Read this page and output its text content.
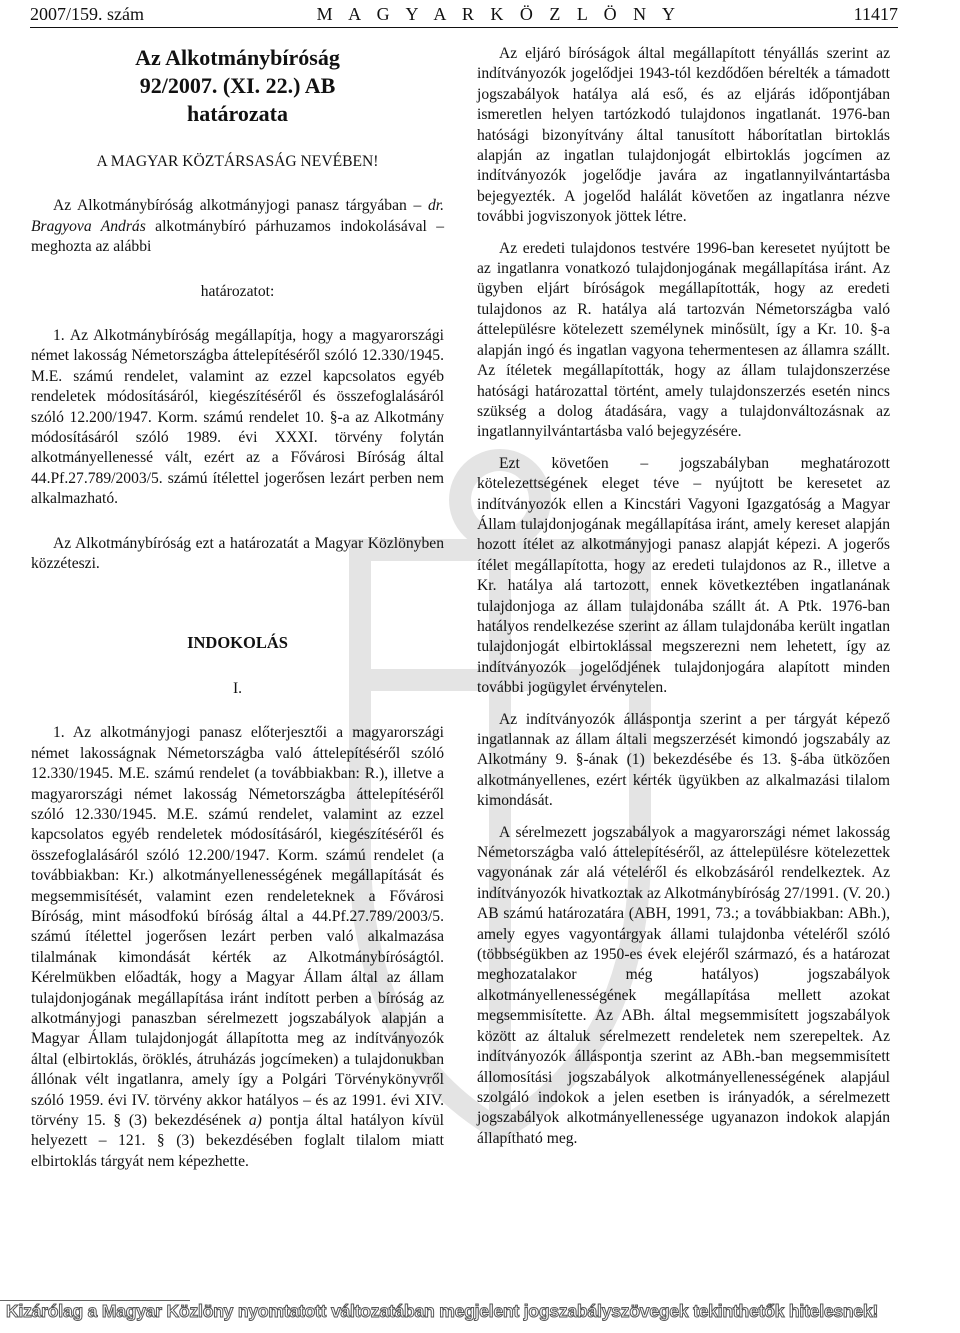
2007/159. szám	M A G Y A R K Ö Z L Ö N Y	11417

Az Alkotmánybíróság

92/2007. (XI. 22.) AB

határozata

A MAGYAR KÖZTÁRSASÁG NEVÉBEN!

Az Alkotmánybíróság alkotmányjogi panasz tárgyában – dr. Bragyova András alkotmánybíró párhuzamos indokolásával – meghozta az alábbi

határozatot:

1. Az Alkotmánybíróság megállapítja, hogy a magyarországi német lakosság Németországba áttelepítéséről szóló 12.330/1945. M.E. számú rendelet, valamint az ezzel kapcsolatos egyéb rendeletek módosításáról, kiegészítéséről és összefoglalásáról szóló 12.200/1947. Korm. számú rendelet 10. §-a az Alkotmány módosításáról szóló 1989. évi XXXI. törvény folytán alkotmányellenessé vált, ezért az a Fővárosi Bíróság által 44.Pf.27.789/2003/5. számú ítélettel jogerősen lezárt perben nem alkalmazható.

Az Alkotmánybíróság ezt a határozatát a Magyar Közlönyben közzéteszi.

INDOKOLÁS

I.

1. Az alkotmányjogi panasz előterjesztői a magyarországi német lakosságnak Németországba való áttelepítéséről szóló 12.330/1945. M.E. számú rendelet (a továbbiakban: R.), illetve a magyarországi német lakosság Németországba áttelepítéséről szóló 12.330/1945. M.E. számú rendelet, valamint az ezzel kapcsolatos egyéb rendeletek módosításáról, kiegészítéséről és összefoglalásáról szóló 12.200/1947. Korm. számú rendelet (a továbbiakban: Kr.) alkotmányellenességének megállapítását és megsemmisítését, valamint ezen rendeleteknek a Fővárosi Bíróság, mint másodfokú bíróság által a 44.Pf.27.789/2003/5. számú ítélettel jogerősen lezárt perben való alkalmazása tilalmának kimondását kérték az Alkotmánybíróságtól. Kérelmükben előadták, hogy a Magyar Állam által az állam tulajdonjogának megállapítása iránt indított perben a bíróság az alkotmányjogi panaszban sérelmezett jogszabályok alapján a Magyar Állam tulajdonjogát állapította meg az indítványozók által (elbirtoklás, öröklés, átruházás jogcímeken) a tulajdonukban állónak vélt ingatlanra, amely így a Polgári Törvénykönyvről szóló 1959. évi IV. törvény akkor hatályos – és az 1991. évi XIV. törvény 15. § (3) bekezdésének a) pontja által hatályon kívül helyezett – 121. § (3) bekezdésében foglalt tilalom miatt elbirtoklás tárgyát nem képezhette.

Az eljáró bíróságok által megállapított tényállás szerint az indítványozók jogelődjei 1943-tól kezdődően bérelték a támadott jogszabályok hatálya alá eső, és az eljárás időpontjában ismeretlen helyen tartózkodó tulajdonos ingatlanát. 1976-ban hatósági bizonyítvány által tanusított háborítatlan birtoklás alapján az ingatlan tulajdonjogát elbirtoklás jogcímen az indítványozók jogelődje javára az ingatlannyilvántartásba bejegyezték. A jogelőd halálát követően az ingatlanra nézve további jogviszonyok jöttek létre.

Az eredeti tulajdonos testvére 1996-ban keresetet nyújtott be az ingatlanra vonatkozó tulajdonjogának megállapítása iránt. Az ügyben eljárt bíróságok megállapították, hogy az eredeti tulajdonos az R. hatálya alá tartozván Németországba való áttelepülésre kötelezett személynek minősült, így a Kr. 10. §-a alapján ingó és ingatlan vagyona tehermentesen az államra szállt. Az ítéletek megállapították, hogy az állam tulajdonszerzése hatósági határozattal történt, amely tulajdonszerzés esetén nincs szükség a dolog átadására, vagy a tulajdonváltozásnak az ingatlannyilvántartásba való bejegyzésére.

Ezt követően – jogszabályban meghatározott kötelezettségének eleget téve – nyújtott be keresetet az indítványozók ellen a Kincstári Vagyoni Igazgatóság a Magyar Állam tulajdonjogának megállapítása iránt, amely kereset alapján hozott ítélet az alkotmányjogi panasz alapját képezi. A jogerős ítélet megállapította, hogy az eredeti tulajdonos az R., illetve a Kr. hatálya alá tartozott, ennek következtében ingatlanának tulajdonjoga az állam tulajdonába szállt át. A Ptk. 1976-ban hatályos rendelkezése szerint az állam tulajdonába került ingatlan tulajdonjogát elbirtoklással megszerezni nem lehetett, így az indítványozók jogelődjének tulajdonjogára alapított minden további jogügylet érvénytelen.

Az indítványozók álláspontja szerint a per tárgyát képező ingatlannak az állam általi megszerzését kimondó jogszabály az Alkotmány 9. §-ának (1) bekezdésébe és 13. §-ába ütközően alkotmányellenes, ezért kérték ügyükben az alkalmazási tilalom kimondását.

A sérelmezett jogszabályok a magyarországi német lakosság Németországba való áttelepítéséről, az áttelepülésre kötelezettek vagyonának zár alá vételéről és elkobzásáról rendelkeztek. Az indítványozók hivatkoztak az Alkotmánybíróság 27/1991. (V. 20.) AB számú határozatára (ABH, 1991, 73.; a továbbiakban: ABh.), amely egyes vagyontárgyak állami tulajdonba vételéről szóló (többségükben az 1950-es évek elejéről származó, és a határozat meghozatalakor még hatályos) jogszabályok alkotmányellenességének megállapítása mellett azokat megsemmisítette. Az ABh. által megsemmisített jogszabályok között az általuk sérelmezett rendeletek nem szerepeltek. Az indítványozók álláspontja szerint az ABh.-ban megsemmisített állomosítási jogszabályok alkotmányellenességének alapjául szolgáló indokok a jelen esetben is irányadók, a sérelmezett jogszabályok alkotmányellenessége ugyanazon indokok alapján állapítható meg.

Kizárólag a Magyar Közlöny nyomtatott változatában megjelent jogszabályszövegek tekinthetők hitelesnek!
